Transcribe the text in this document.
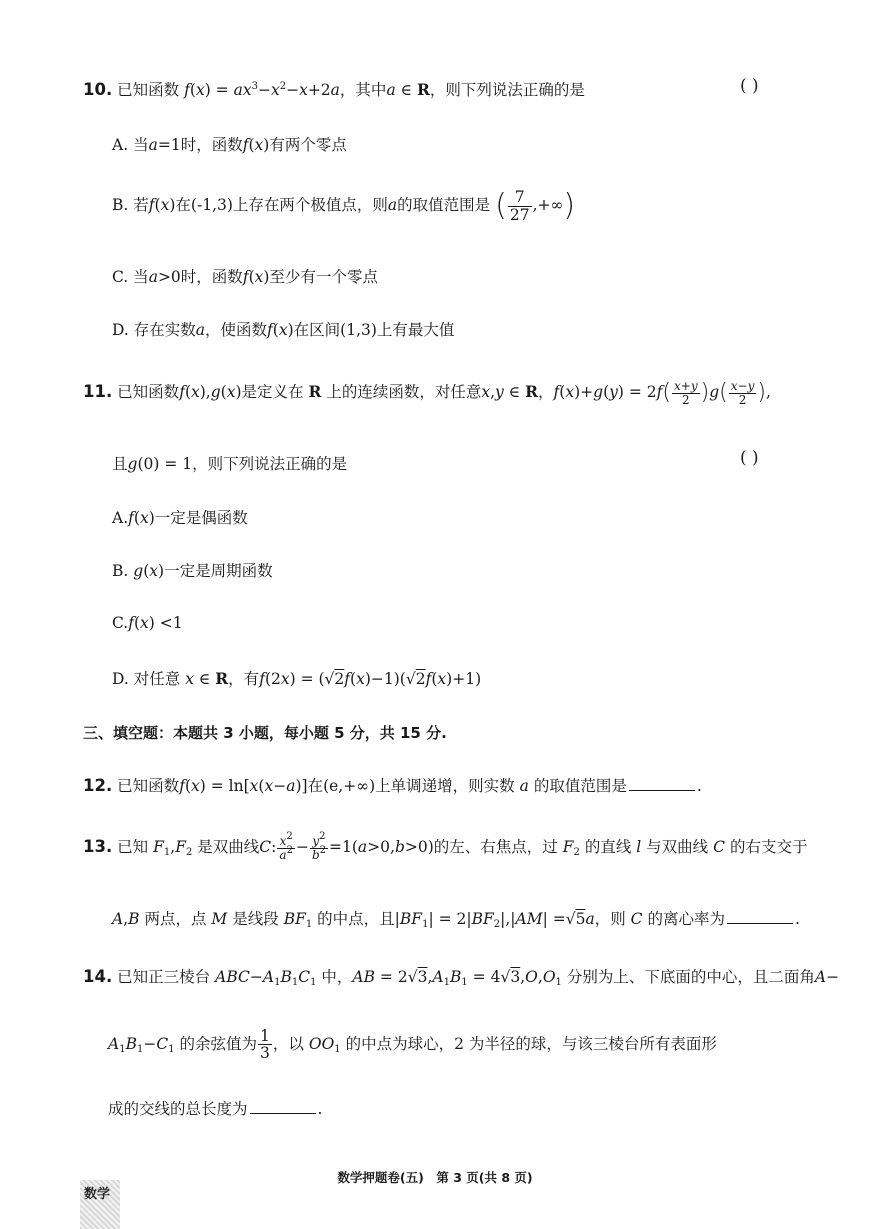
10. 已知函数 $f(x) = ax^3-x^2-x+2a$，其中a ∈ R，则下列说法正确的是	( )
A. 当a=1时，函数f(x)有两个零点
B. 若f(x)在(-1,3)上存在两个极值点，则a的取值范围是 ( $\frac{7}{27}$ ,+∞)
C. 当a>0时，函数f(x)至少有一个零点
D. 存在实数a，使函数f(x)在区间(1,3)上有最大值
11. 已知函数f(x),g(x)是定义在 R 上的连续函数，对任意x,y ∈ R，$f(x)+g(y) = 2f( \frac{x+y}{2} )g( \frac{x-y}{2}$ ),
且g(0) = 1，则下列说法正确的是	( )
A.f(x)一定是偶函数
B. g(x)一定是周期函数
C.f(x) <1
D. 对任意 x ∈ R，有f(2x) = (√2f(x)−1)(√2f(x)+1)
三、填空题：本题共 3 小题，每小题 5 分，共 15 分.
12. 已知函数f(x) = ln[x(x−a)]在(e,+∞)上单调递增，则实数 a 的取值范围是	.
13. 已知 $F_1,F_2$ 是双曲线C: $\frac{x^2}{a^2} - \frac{y^2}{b^2} =1(a>0,b>0)$的左、右焦点，过 $F_2$ 的直线 l 与双曲线 C 的右支交于
A,B 两点，点 M 是线段 $BF_1$ 的中点，且$|BF_1| = 2|BF_2|,|AM| =√5a$，则 C 的离心率为	.
14. 已知正三棱台 $ABC-A_1B_1C_1$ 中，AB = $2√3,A_1B_1 = 4√3,O,O_1$ 分别为上、下底面的中心，且二面角A−
$A_1B_1-C_1$ 的余弦值为 $\frac{1}{3}$ ，以 $OO_1$ 的中点为球心，2 为半径的球，与该三棱台所有表面形
成的交线的总长度为	.
数学押题卷(五)　第 3 页(共 8 页)
数学
